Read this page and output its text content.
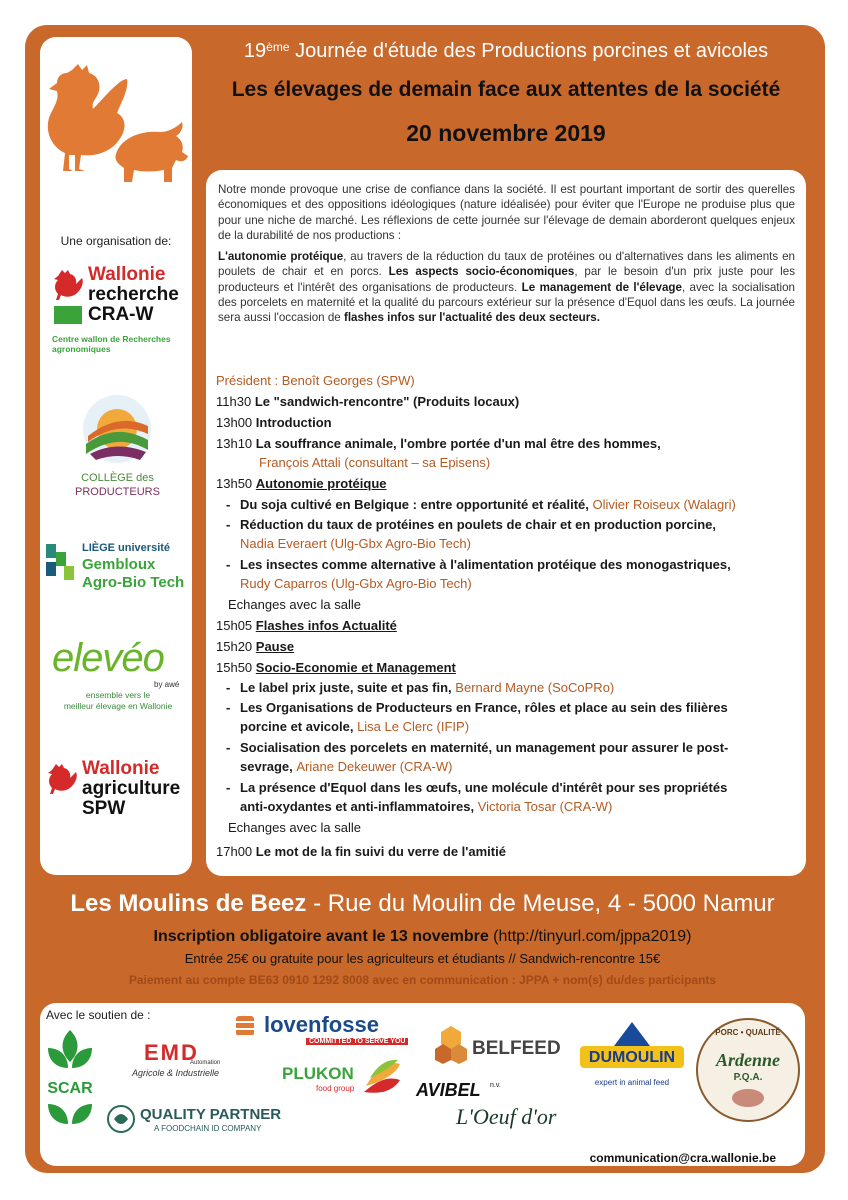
Une organisation de:
Wallonie
recherche
CRA-W
Centre wallon de Recherches agronomiques
COLLÈGE des
PRODUCTEURS
LIÈGE université
Gembloux
Agro-Bio Tech
elevéo
by awé
ensemble vers le
meilleur élevage en Wallonie
Wallonie
agriculture
SPW
19ème Journée d'étude des Productions porcines et avicoles
Les élevages de demain face aux attentes de la société
20 novembre 2019

Notre monde provoque une crise de confiance dans la société. Il est pourtant important de sortir des querelles économiques et des oppositions idéologiques (nature idéalisée) pour éviter que l'Europe ne produise plus que pour une niche de marché. Les réflexions de cette journée sur l'élevage de demain aborderont quelques enjeux de la durabilité de nos productions :

L'autonomie protéique, au travers de la réduction du taux de protéines ou d'alternatives dans les aliments en poulets de chair et en porcs. Les aspects socio-économiques, par le besoin d'un prix juste pour les producteurs et l'intérêt des organisations de producteurs. Le management de l'élevage, avec la socialisation des porcelets en maternité et la qualité du parcours extérieur sur la présence d'Equol dans les œufs. La journée sera aussi l'occasion de flashes infos sur l'actualité des deux secteurs.

Président : Benoît Georges (SPW)
11h30 Le "sandwich-rencontre" (Produits locaux)
13h00 Introduction
13h10 La souffrance animale, l'ombre portée d'un mal être des hommes,
François Attali (consultant – sa Episens)
13h50 Autonomie protéique
- Du soja cultivé en Belgique : entre opportunité et réalité, Olivier Roiseux (Walagri)
- Réduction du taux de protéines en poulets de chair et en production porcine,
Nadia Everaert (Ulg-Gbx Agro-Bio Tech)
- Les insectes comme alternative à l'alimentation protéique des monogastriques,
Rudy Caparros (Ulg-Gbx Agro-Bio Tech)
Echanges avec la salle
15h05 Flashes infos Actualité
15h20 Pause
15h50 Socio-Economie et Management
- Le label prix juste, suite et pas fin, Bernard Mayne (SoCoPRo)
- Les Organisations de Producteurs en France, rôles et place au sein des filières
porcine et avicole, Lisa Le Clerc (IFIP)
- Socialisation des porcelets en maternité, un management pour assurer le post-
sevrage, Ariane Dekeuwer (CRA-W)
- La présence d'Equol dans les œufs, une molécule d'intérêt pour ses propriétés
anti-oxydantes et anti-inflammatoires, Victoria Tosar (CRA-W)
Echanges avec la salle
17h00 Le mot de la fin suivi du verre de l'amitié
Les Moulins de Beez - Rue du Moulin de Meuse, 4 - 5000 Namur
Inscription obligatoire avant le 13 novembre (http://tinyurl.com/jppa2019)
Entrée 25€ ou gratuite pour les agriculteurs et étudiants // Sandwich-rencontre 15€
Paiement au compte BE63 0910 1292 8008 avec en communication : JPPA + nom(s) du/des participants
Avec le soutien de :
SCAR
EMD
Automation
Agricole & Industrielle
lovenfosse
COMMITTED TO SERVE YOU	BELFEED	DUMOULIN
expert in animal feed
PORC • QUALITÉ
Ardenne
P.Q.A.
PLUKON
food group	AVIBEL n.v.
L'Oeuf d'or
QUALITY PARTNER
A FOODCHAIN ID COMPANY
communication@cra.wallonie.be
